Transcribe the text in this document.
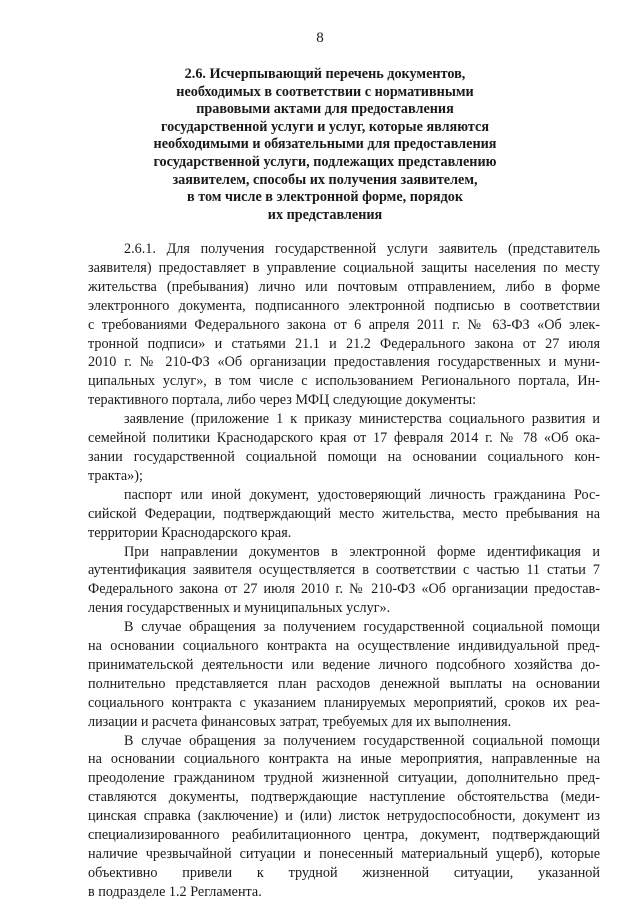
8
2.6. Исчерпывающий перечень документов,
необходимых в соответствии с нормативными
правовыми актами для предоставления
государственной услуги и услуг, которые являются
необходимыми и обязательными для предоставления
государственной услуги, подлежащих представлению
заявителем, способы их получения заявителем,
в том числе в электронной форме, порядок
их представления
2.6.1. Для получения государственной услуги заявитель (представитель
заявителя) предоставляет в управление социальной защиты населения по месту
жительства (пребывания) лично или почтовым отправлением, либо в форме
электронного документа, подписанного электронной подписью в соответствии
с требованиями Федерального закона от 6 апреля 2011 г. № 63-ФЗ «Об элек-
тронной подписи» и статьями 21.1 и 21.2 Федерального закона от 27 июля
2010 г. № 210-ФЗ «Об организации предоставления государственных и муни-
ципальных услуг», в том числе с использованием Регионального портала, Ин-
терактивного портала, либо через МФЦ следующие документы:
заявление (приложение 1 к приказу министерства социального развития и
семейной политики Краснодарского края от 17 февраля 2014 г. № 78 «Об ока-
зании государственной социальной помощи на основании социального кон-
тракта»);
паспорт или иной документ, удостоверяющий личность гражданина Рос-
сийской Федерации, подтверждающий место жительства, место пребывания на
территории Краснодарского края.
При направлении документов в электронной форме идентификация и
аутентификация заявителя осуществляется в соответствии с частью 11 статьи 7
Федерального закона от 27 июля 2010 г. № 210-ФЗ «Об организации предостав-
ления государственных и муниципальных услуг».
В случае обращения за получением государственной социальной помощи
на основании социального контракта на осуществление индивидуальной пред-
принимательской деятельности или ведение личного подсобного хозяйства до-
полнительно представляется план расходов денежной выплаты на основании
социального контракта с указанием планируемых мероприятий, сроков их реа-
лизации и расчета финансовых затрат, требуемых для их выполнения.
В случае обращения за получением государственной социальной помощи
на основании социального контракта на иные мероприятия, направленные на
преодоление гражданином трудной жизненной ситуации, дополнительно пред-
ставляются документы, подтверждающие наступление обстоятельства (меди-
цинская справка (заключение) и (или) листок нетрудоспособности, документ из
специализированного реабилитационного центра, документ, подтверждающий
наличие чрезвычайной ситуации и понесенный материальный ущерб), которые
объективно привели к трудной жизненной ситуации, указанной
в подразделе 1.2 Регламента.
